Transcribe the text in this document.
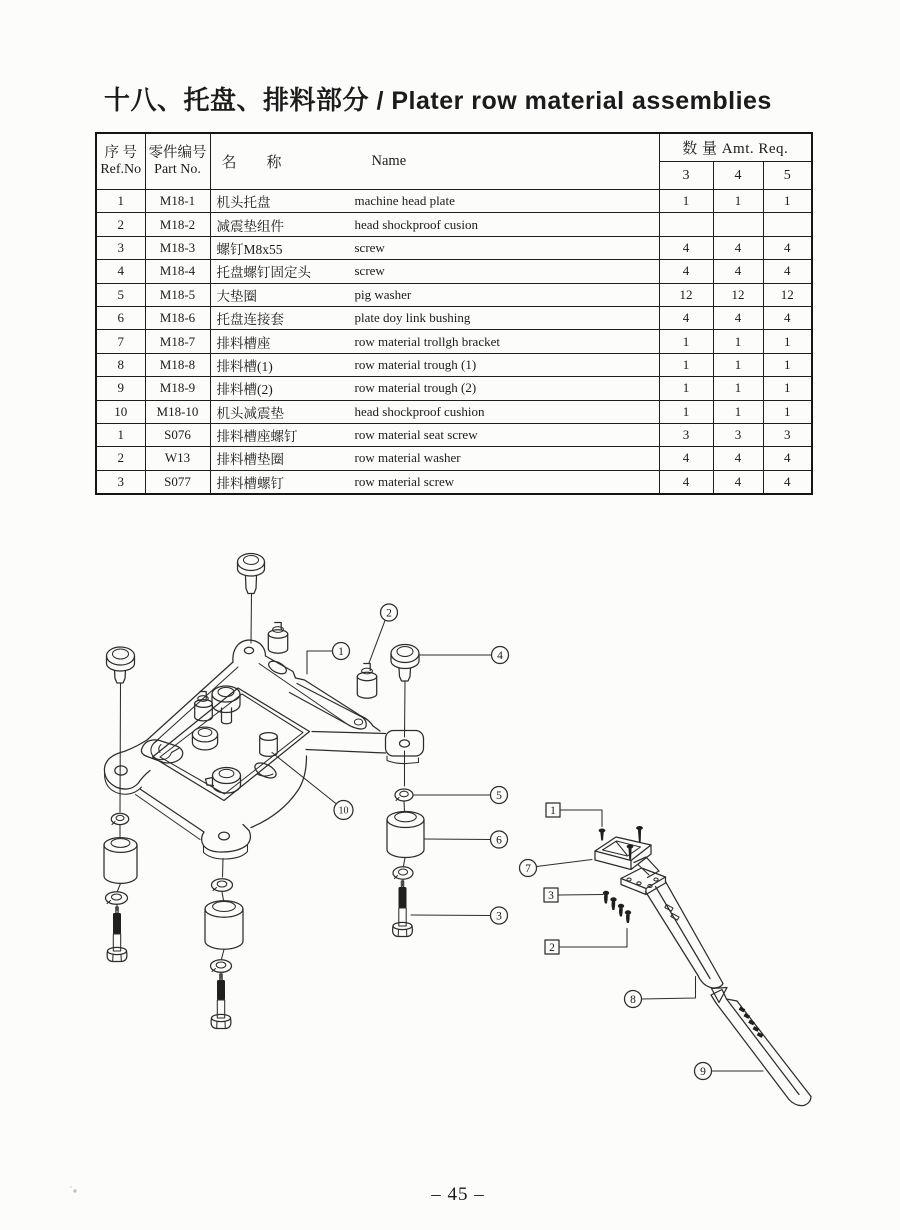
十八、托盘、排料部分 / Plater row material assemblies
序 号
Ref.No

零件编号
Part No.	名　　称	Name
	数 量 Amt. Req.
			3	4	5
1	M18-1	机头托盘 machine head plate	1	1	1
2	M18-2	减震垫组件 head shockproof cusion			

3	M18-3	螺钉M8x55 screw	4	4	4
4	M18-4	托盘螺钉固定头 screw	4	4	4
5	M18-5	大垫圈 pig washer	12	12	12
6	M18-6	托盘连接套 plate doy link bushing	4	4	4
7	M18-7	排料槽座 row material trollgh bracket	1	1	1
8	M18-8	排料槽(1) row material trough (1)	1	1	1
9	M18-9	排料槽(2) row material trough (2)	1	1	1
10	M18-10	机头减震垫 head shockproof cushion	1	1	1
1	S076	排料槽座螺钉 row material seat screw	3	3	3
2	W13	排料槽垫圈 row material washer	4	4	4
3	S077	排料槽螺钉 row material screw	4	4	4
1
2
4
5
6
3
7
10
8
9
1
3
2
– 45 –
